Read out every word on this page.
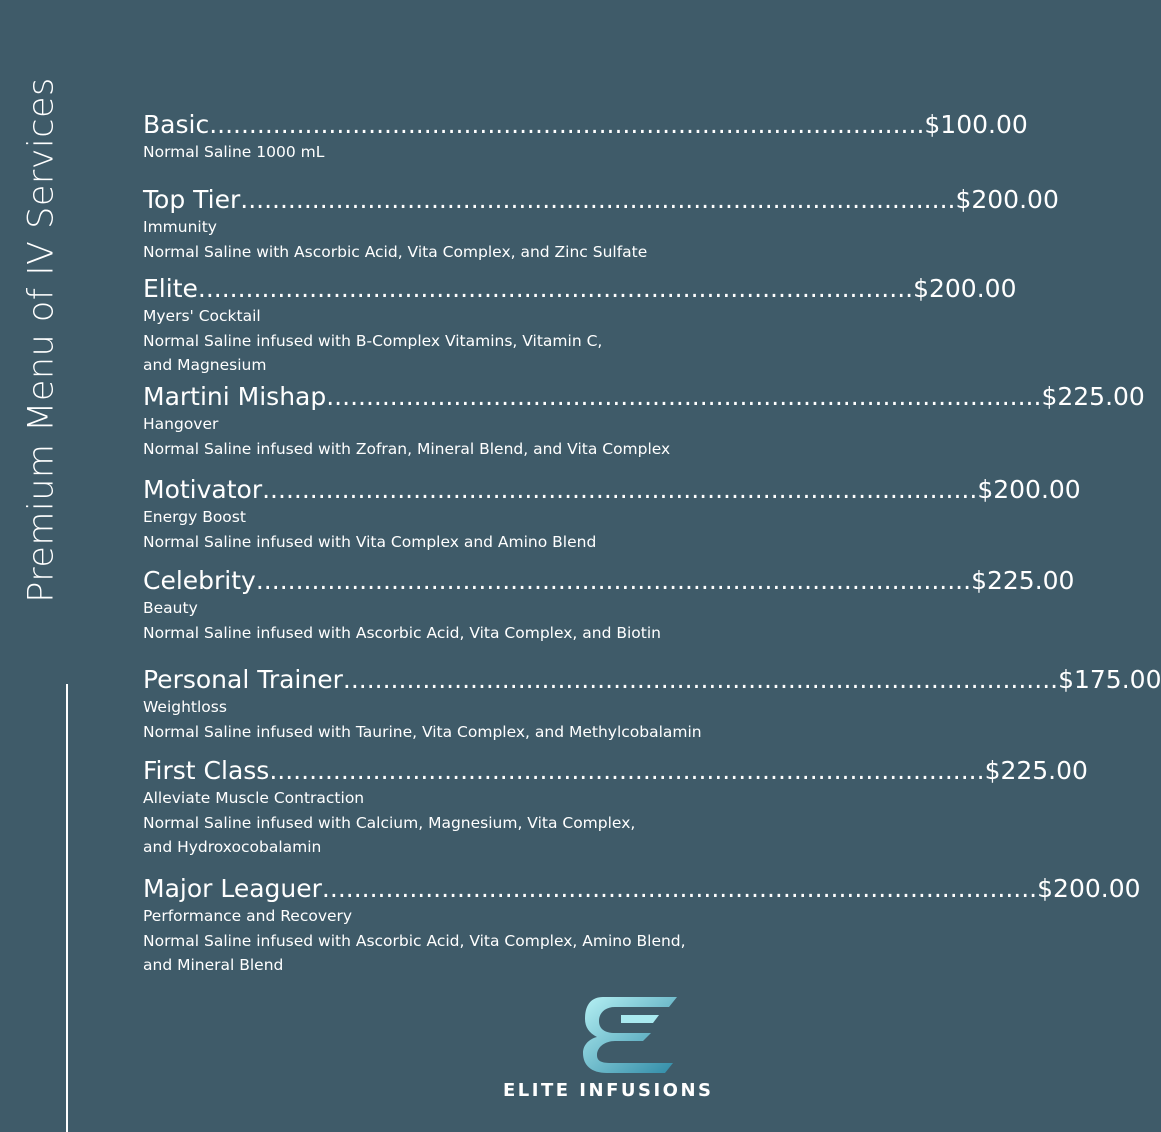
Premium Menu of IV Services	Basic .......................................................................................... $100.00
Normal Saline 1000 mL
Top Tier .......................................................................................... $200.00
Immunity
Normal Saline with Ascorbic Acid, Vita Complex, and Zinc Sulfate
Elite .......................................................................................... $200.00
Myers' Cocktail
Normal Saline infused with B-Complex Vitamins, Vitamin C,
and Magnesium
Martini Mishap .......................................................................................... $225.00
Hangover
Normal Saline infused with Zofran, Mineral Blend, and Vita Complex
Motivator .......................................................................................... $200.00
Energy Boost
Normal Saline infused with Vita Complex and Amino Blend
Celebrity .......................................................................................... $225.00
Beauty
Normal Saline infused with Ascorbic Acid, Vita Complex, and Biotin
Personal Trainer .......................................................................................... $175.00
Weightloss
Normal Saline infused with Taurine, Vita Complex, and Methylcobalamin
First Class .......................................................................................... $225.00
Alleviate Muscle Contraction
Normal Saline infused with Calcium, Magnesium, Vita Complex,
and Hydroxocobalamin
Major Leaguer .......................................................................................... $200.00
Performance and Recovery
Normal Saline infused with Ascorbic Acid, Vita Complex, Amino Blend,
and Mineral Blend
ELITE INFUSIONS
